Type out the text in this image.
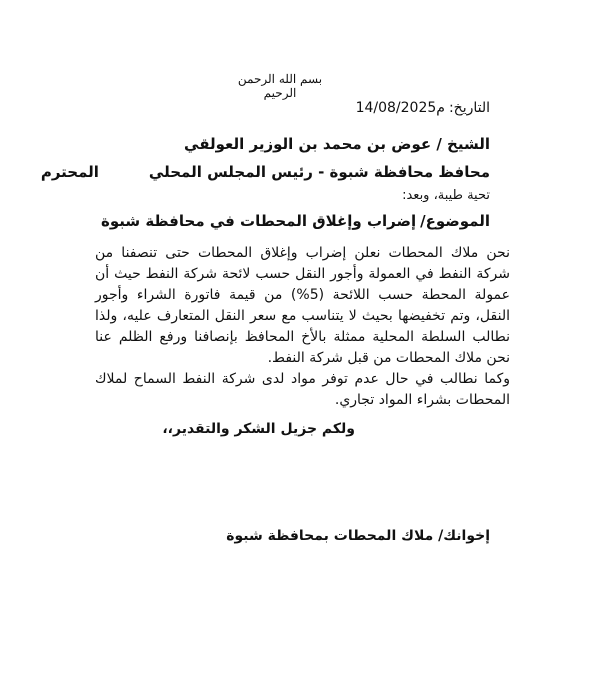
بسم الله الرحمن الرحيم
التاريخ:
14/08/2025م
الشيخ / عوض بن محمد بن الوزير العولقي
محافظ محافظة شبوة - رئيس المجلس المحلي
المحترم
تحية طيبة، وبعد:
الموضوع/
إضراب وإغلاق المحطات في محافظة شبوة
نحن ملاك المحطات نعلن إضراب وإغلاق المحطات حتى تنصفنا من شركة النفط في العمولة وأجور النقل حسب لائحة شركة النفط حيث أن عمولة المحطة حسب اللائحة (5%) من قيمة فاتورة الشراء وأجور النقل، وتم تخفيضها بحيث لا يتناسب مع سعر النقل المتعارف عليه، ولذا نطالب السلطة المحلية ممثلة بالأخ المحافظ بإنصافنا ورفع الظلم عنا نحن ملاك المحطات من قبل شركة النفط.
وكما نطالب في حال عدم توفر مواد لدى شركة النفط السماح لملاك المحطات بشراء المواد تجاري.
ولكم جزيل الشكر والتقدير،،
إخوانك/ ملاك المحطات بمحافظة شبوة
